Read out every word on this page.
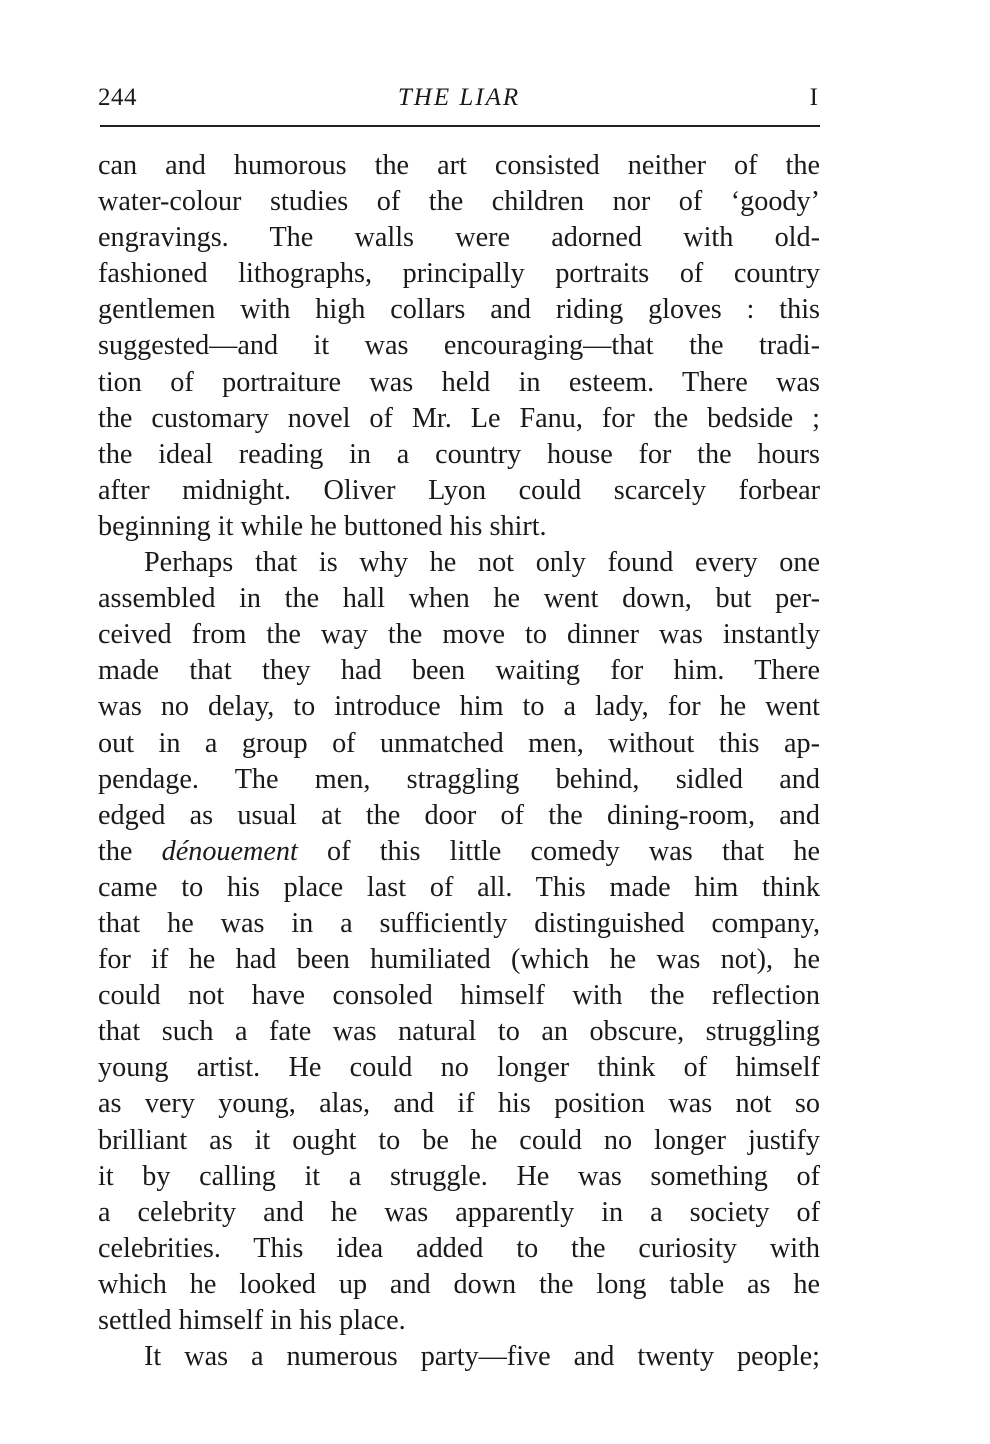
244	THE LIAR	I
can and humorous the art consisted neither of the
water-colour studies of the children nor of ‘goody’
engravings. The walls were adorned with old-
fashioned lithographs, principally portraits of country
gentlemen with high collars and riding gloves : this
suggested—and it was encouraging—that the tradi-
tion of portraiture was held in esteem. There was
the customary novel of Mr. Le Fanu, for the bedside ;
the ideal reading in a country house for the hours
after midnight. Oliver Lyon could scarcely forbear
beginning it while he buttoned his shirt.
Perhaps that is why he not only found every one
assembled in the hall when he went down, but per-
ceived from the way the move to dinner was instantly
made that they had been waiting for him. There
was no delay, to introduce him to a lady, for he went
out in a group of unmatched men, without this ap-
pendage. The men, straggling behind, sidled and
edged as usual at the door of the dining-room, and
the dénouement of this little comedy was that he
came to his place last of all. This made him think
that he was in a sufficiently distinguished company,
for if he had been humiliated (which he was not), he
could not have consoled himself with the reflection
that such a fate was natural to an obscure, struggling
young artist. He could no longer think of himself
as very young, alas, and if his position was not so
brilliant as it ought to be he could no longer justify
it by calling it a struggle. He was something of
a celebrity and he was apparently in a society of
celebrities. This idea added to the curiosity with
which he looked up and down the long table as he
settled himself in his place.
It was a numerous party—five and twenty people;
